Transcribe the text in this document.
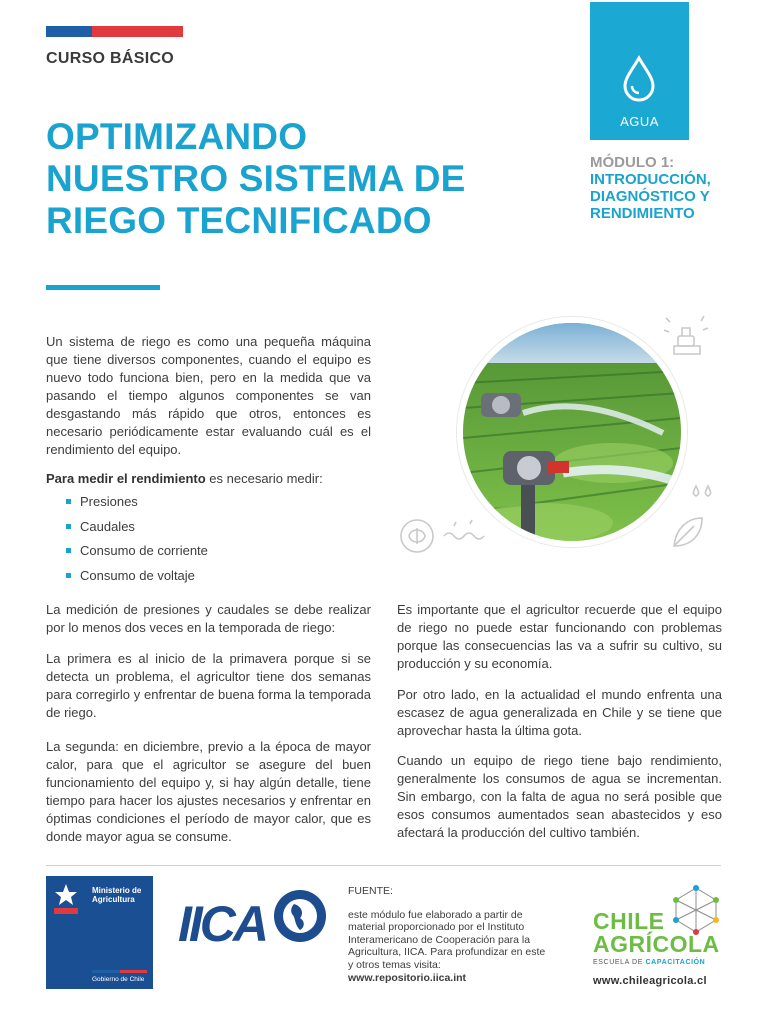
CURSO BÁSICO
OPTIMIZANDO
NUESTRO SISTEMA DE
RIEGO TECNIFICADO
AGUA
MÓDULO 1:
INTRODUCCIÓN,
DIAGNÓSTICO Y
RENDIMIENTO
Un sistema de riego es como una pequeña máquina que tiene diversos componentes, cuando el equipo es nuevo todo funciona bien, pero en la medida que va pasando el tiempo algunos componentes se van desgastando más rápido que otros, entonces es necesario periódicamente estar evaluando cuál es el rendimiento del equipo.
Para medir el rendimiento es necesario medir:
Presiones
Caudales
Consumo de corriente
Consumo de voltaje
La medición de presiones y caudales se debe realizar por lo menos dos veces en la temporada de riego:
La primera es al inicio de la primavera porque si se detecta un problema, el agricultor tiene dos semanas para corregirlo y enfrentar de buena forma la temporada de riego.
La segunda: en diciembre, previo a la época de mayor calor, para que el agricultor se asegure del buen funcionamiento del equipo y, si hay algún detalle, tiene tiempo para hacer los ajustes necesarios y enfrentar en óptimas condiciones el período de mayor calor, que es donde mayor agua se consume.
Es importante que el agricultor recuerde que el equipo de riego no puede estar funcionando con problemas porque las consecuencias las va a sufrir su cultivo, su producción y su economía.
Por otro lado, en la actualidad el mundo enfrenta una escasez de agua generalizada en Chile y se tiene que aprovechar hasta la última gota.
Cuando un equipo de riego tiene bajo rendimiento, generalmente los consumos de agua se incrementan. Sin embargo, con la falta de agua no será posible que esos consumos aumentados sean abastecidos y eso afectará la producción del cultivo también.
Ministerio de
Agricultura
Gobierno de Chile
IICA
FUENTE:
este módulo fue elaborado a partir de material proporcionado por el Instituto Interamericano de Cooperación para la Agricultura, IICA. Para profundizar en este y otros temas visita: www.repositorio.iica.int
CHILE
AGRÍCOLA
ESCUELA DE CAPACITACIÓN
www.chileagricola.cl
